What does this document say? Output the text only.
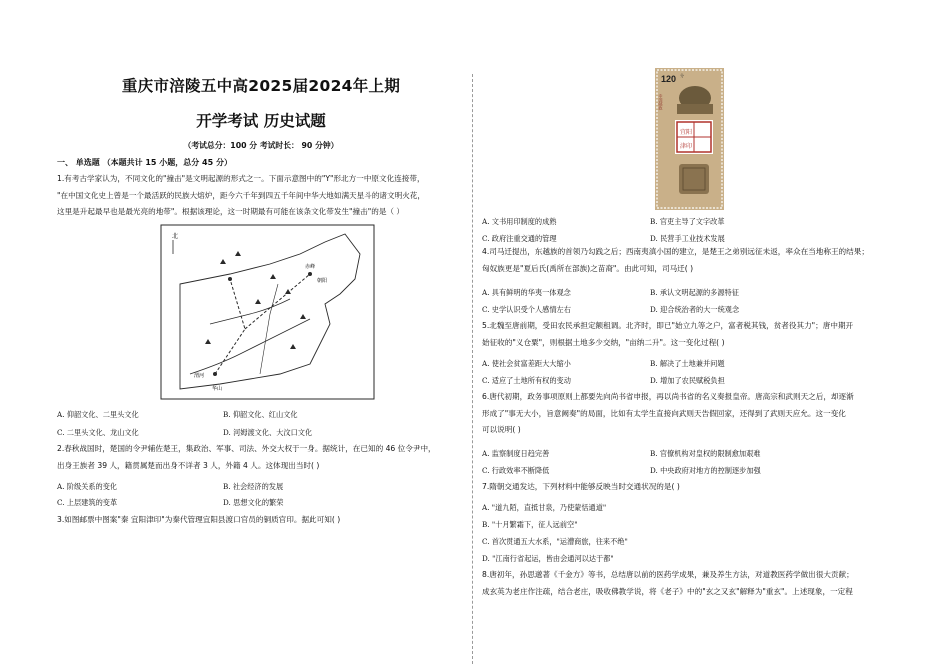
重庆市涪陵五中高2025届2024年上期
开学考试 历史试题
（考试总分：100 分 考试时长： 90 分钟）
一、 单选题 （本题共计 15 小题，总分 45 分）
1.有考古学家认为，不同文化的"撞击"是文明起源的形式之一。下面示意图中的"Y"形北方一中原文化连接带，
"在中国文化史上曾是一个最活跃的民族大熔炉，距今六千年到四五千年间中华大地如满天星斗的诸文明火花，
这里是升起最早也是最光亮的地带"。根据该理论，这一时期最有可能在该条文化带发生"撞击"的是（ ）
北
赤峰
朝阳
渭河
华山
A. 仰韶文化、二里头文化	B. 仰韶文化、红山文化
C. 二里头文化、龙山文化	D. 河姆渡文化、大汶口文化
2.春秋战国时，楚国的令尹辅佐楚王，集政治、军事、司法、外交大权于一身。据统计，在已知的 46 位令尹中，
出身王族者 39 人，籍贯属楚而出身不详者 3 人，外籍 4 人。这体现出当时( )
A. 阶级关系的变化	B. 社会经济的发展
C. 上层建筑的变革	D. 思想文化的繁荣
3.如图邮票中图案"秦 宜阳津印"为秦代管理宜阳县渡口官员的铜质官印。据此可知( )
120 分
中国邮政
宜阳
津印
A. 文书用印制度的成熟	B. 官吏主导了文字改革
C. 政府注重交通的管理	D. 民营手工业技术发展
4.司马迁提出，东越族的首领乃勾践之后；西南夷滇小国的建立，是楚王之弟别远征未返，率众在当地称王的结果；
匈奴族更是"夏后氏(禹所在部族)之苗裔"。由此可知，司马迁( )
A. 具有鲜明的华夷一体观念	B. 承认文明起源的多源特征
C. 史学认识受个人感情左右	D. 迎合统治者的大一统观念
5.北魏至唐前期，受田农民承担定额租调。北齐时，即已"始立九等之户，富者税其钱，贫者役其力"；唐中期开
始征收的"义仓粟"，则根据土地多少交纳，"亩纳二升"。这一变化过程( )
A. 使社会贫富差距大大缩小	B. 解决了土地兼并问题
C. 适应了土地所有权的变动	D. 增加了农民赋税负担
6.唐代初期，政务事项原则上都要先向尚书省申报，再以尚书省的名义奏报皇帝。唐高宗和武则天之后，却逐渐
形成了"事无大小，旨意阙奏"的局面，比如有太学生直接向武则天告假回家，还得到了武则天应允。这一变化
可以说明( )
A. 监察制度日趋完善	B. 官僚机构对皇权的限制愈加艰难
C. 行政效率不断降低	D. 中央政府对地方的控制逐步加强
7.隋朝交通发达，下列材料中能够反映当时交通状况的是( )
A. "道九陌，直抵甘泉，乃使蒙恬通道"
B. "十月繁霜下，征人远前空"
C. 首次贯通五大水系，"运漕商旅，往来不绝"
D. "江南行省起运，皆由会通河以达于都"
8.唐初年，孙思邈著《千金方》等书，总结唐以前的医药学成果，兼及养生方法，对道教医药学做出很大贡献；
成玄英为老庄作注疏，结合老庄，吸收佛教学说，将《老子》中的"玄之又玄"解释为"重玄"。上述现象，一定程
